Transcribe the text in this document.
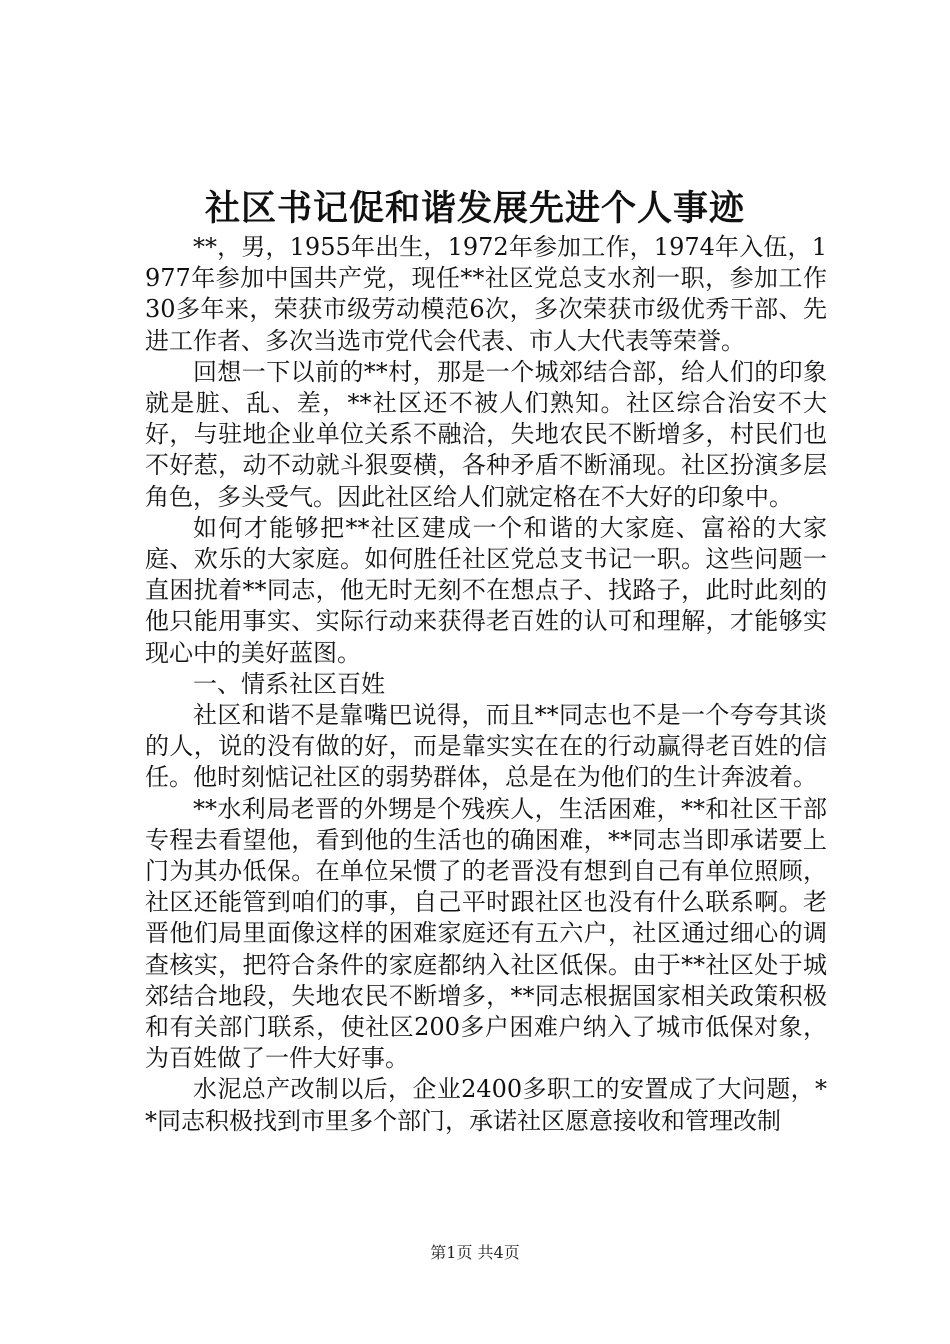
社区书记促和谐发展先进个人事迹

**，男，1955年出生，1972年参加工作，1974年入伍，1977年参加中国共产党，现任**社区党总支水剂一职，参加工作30多年来，荣获市级劳动模范6次，多次荣获市级优秀干部、先进工作者、多次当选市党代会代表、市人大代表等荣誉。

回想一下以前的**村，那是一个城郊结合部，给人们的印象就是脏、乱、差，**社区还不被人们熟知。社区综合治安不大好，与驻地企业单位关系不融洽，失地农民不断增多，村民们也不好惹，动不动就斗狠耍横，各种矛盾不断涌现。社区扮演多层角色，多头受气。因此社区给人们就定格在不大好的印象中。

如何才能够把**社区建成一个和谐的大家庭、富裕的大家庭、欢乐的大家庭。如何胜任社区党总支书记一职。这些问题一直困扰着**同志，他无时无刻不在想点子、找路子，此时此刻的他只能用事实、实际行动来获得老百姓的认可和理解，才能够实现心中的美好蓝图。

一、情系社区百姓

社区和谐不是靠嘴巴说得，而且**同志也不是一个夸夸其谈的人，说的没有做的好，而是靠实实在在的行动赢得老百姓的信任。他时刻惦记社区的弱势群体，总是在为他们的生计奔波着。

**水利局老晋的外甥是个残疾人，生活困难，**和社区干部专程去看望他，看到他的生活也的确困难，**同志当即承诺要上门为其办低保。在单位呆惯了的老晋没有想到自己有单位照顾，社区还能管到咱们的事，自己平时跟社区也没有什么联系啊。老晋他们局里面像这样的困难家庭还有五六户，社区通过细心的调查核实，把符合条件的家庭都纳入社区低保。由于**社区处于城郊结合地段，失地农民不断增多，**同志根据国家相关政策积极和有关部门联系，使社区200多户困难户纳入了城市低保对象，为百姓做了一件大好事。

水泥总产改制以后，企业2400多职工的安置成了大问题，**同志积极找到市里多个部门，承诺社区愿意接收和管理改制

第1页 共4页
